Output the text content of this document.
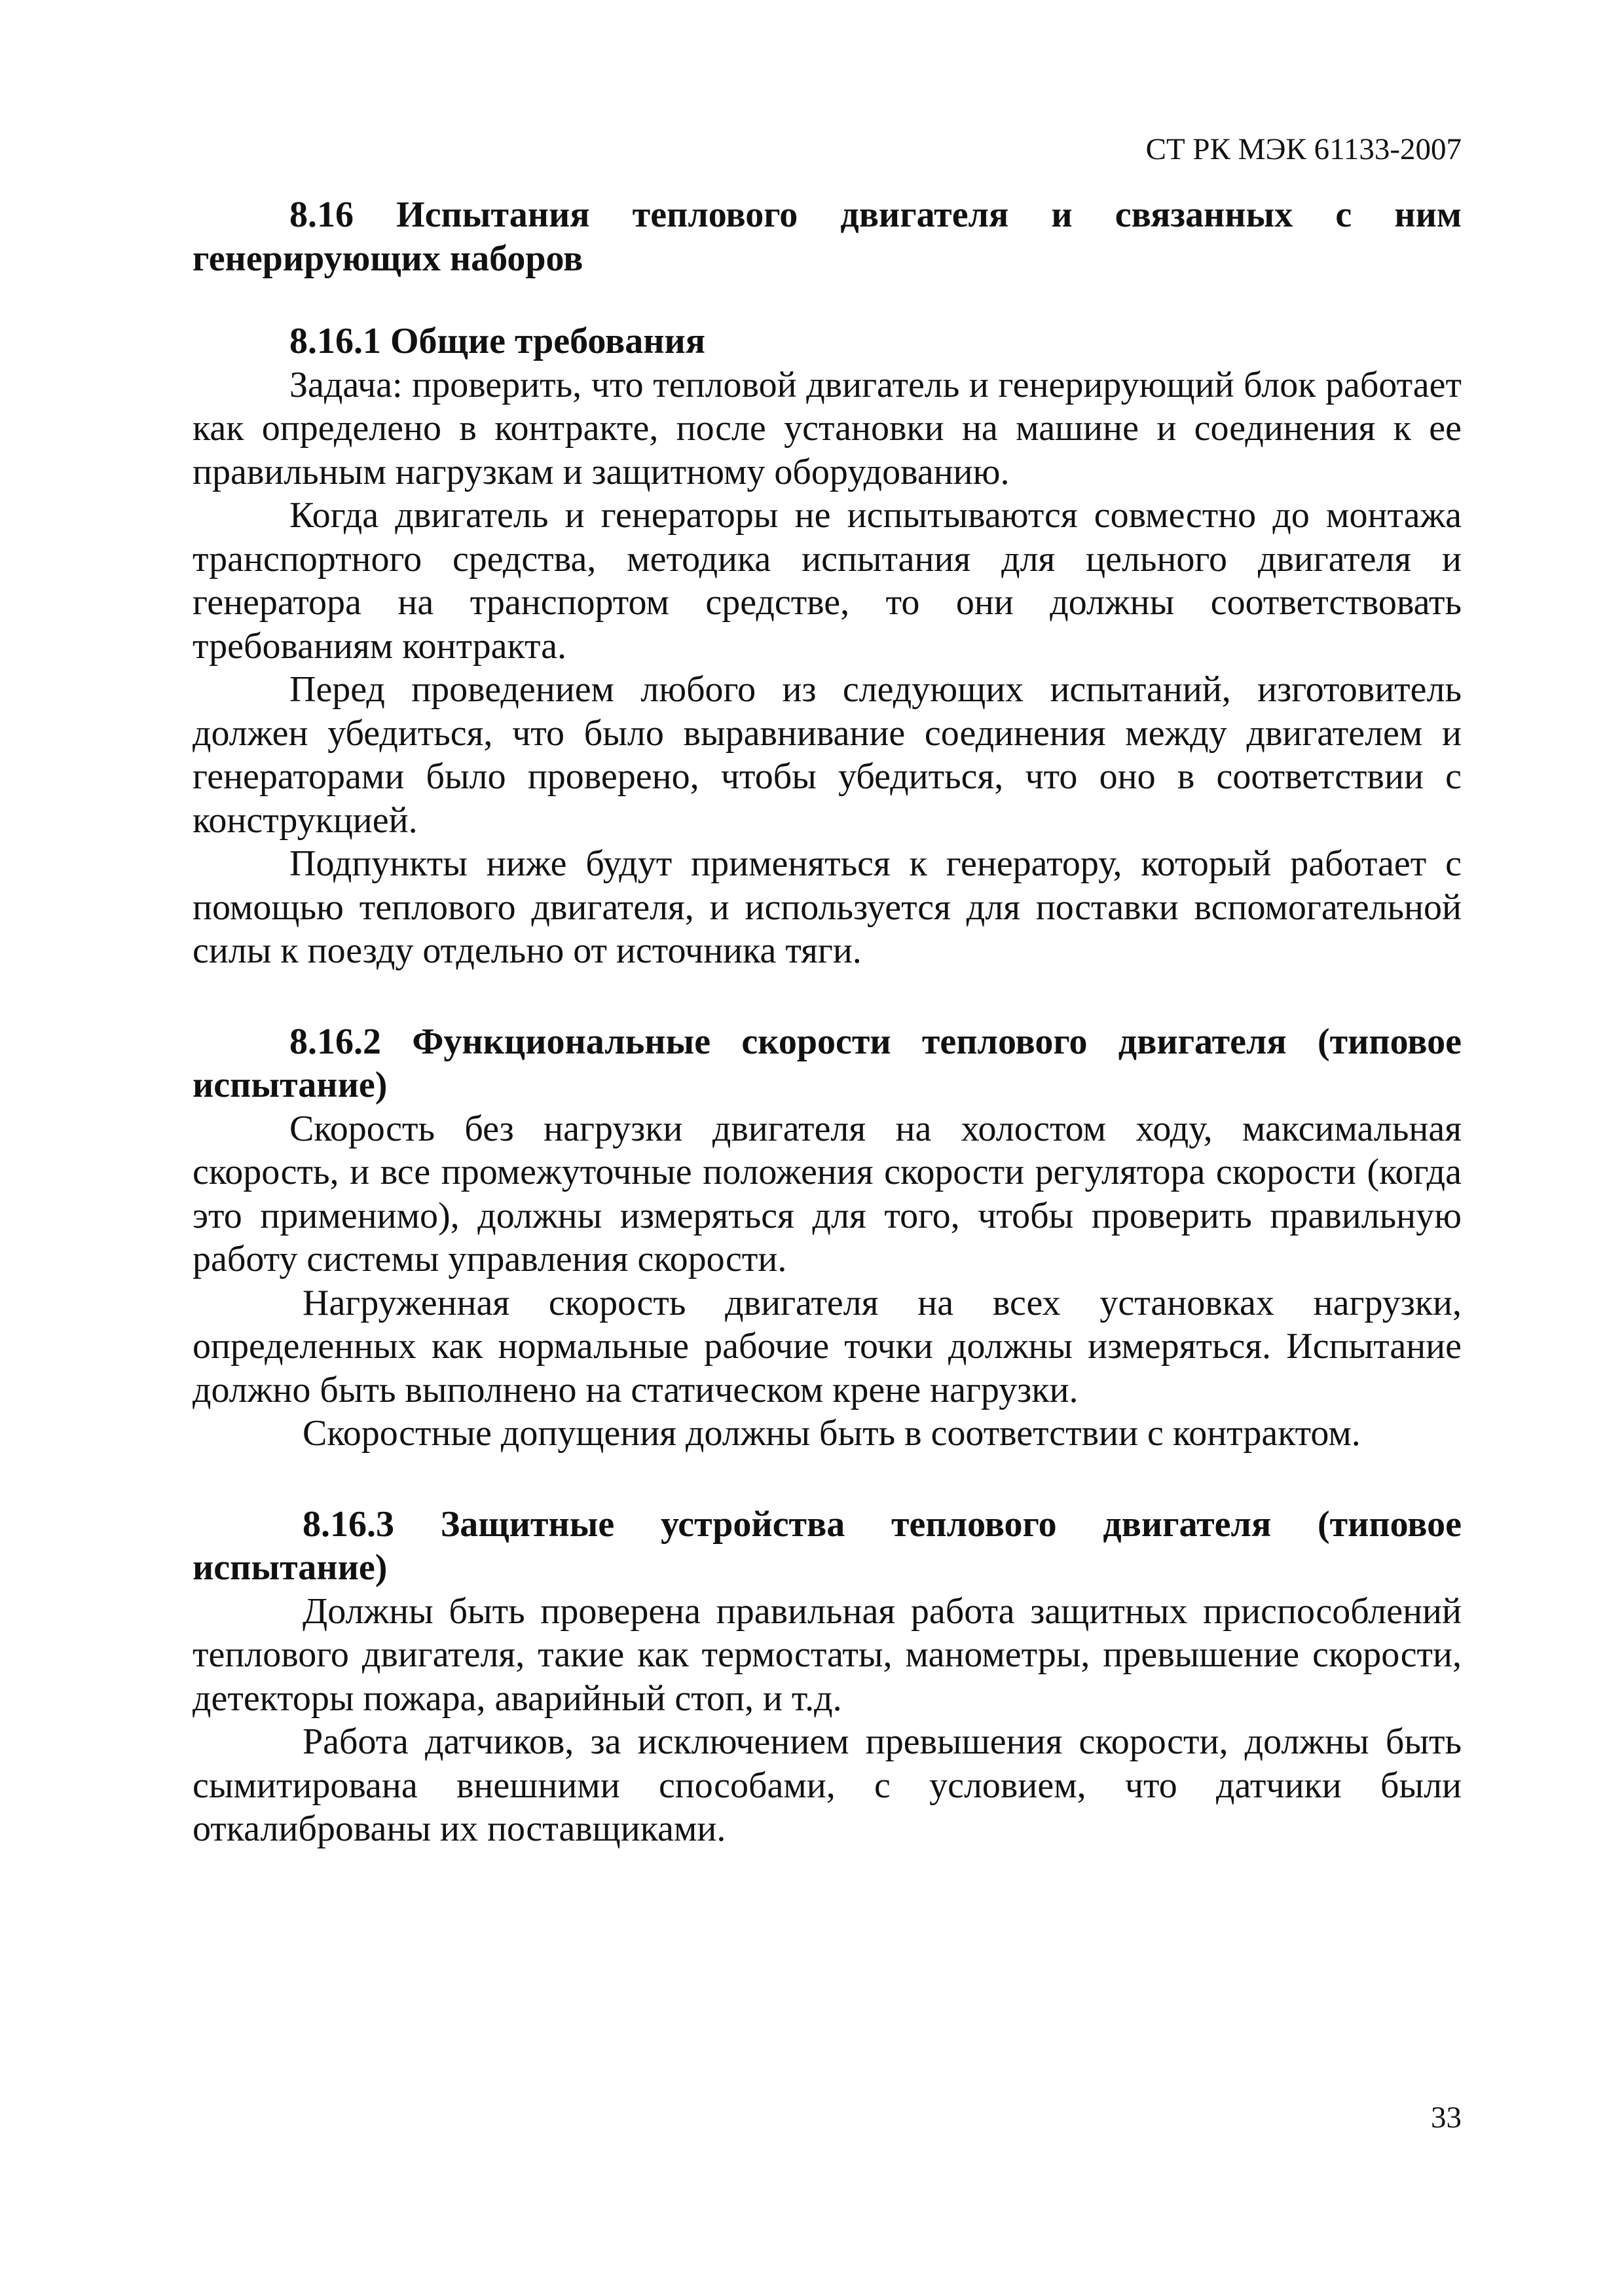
СТ РК МЭК 61133-2007

8.16 Испытания теплового двигателя и связанных с ним генерирующих наборов

8.16.1 Общие требования

Задача: проверить, что тепловой двигатель и генерирующий блок работает как определено в контракте, после установки на машине и соединения к ее правильным нагрузкам и защитному оборудованию.

Когда двигатель и генераторы не испытываются совместно до монтажа транспортного средства, методика испытания для цельного двигателя и генератора на транспортом средстве, то они должны соответствовать требованиям контракта.

Перед проведением любого из следующих испытаний, изготовитель должен убедиться, что было выравнивание соединения между двигателем и генераторами было проверено, чтобы убедиться, что оно в соответствии с конструкцией.

Подпункты ниже будут применяться к генератору, который работает с помощью теплового двигателя, и используется для поставки вспомогательной силы к поезду отдельно от источника тяги.

8.16.2 Функциональные скорости теплового двигателя (типовое испытание)

Скорость без нагрузки двигателя на холостом ходу, максимальная скорость, и все промежуточные положения скорости регулятора скорости (когда это применимо), должны измеряться для того, чтобы проверить правильную работу системы управления скорости.

Нагруженная скорость двигателя на всех установках нагрузки, определенных как нормальные рабочие точки должны измеряться. Испытание должно быть выполнено на статическом крене нагрузки.

Скоростные допущения должны быть в соответствии с контрактом.

8.16.3 Защитные устройства теплового двигателя (типовое испытание)

Должны быть проверена правильная работа защитных приспособлений теплового двигателя, такие как термостаты, манометры, превышение скорости, детекторы пожара, аварийный стоп, и т.д.

Работа датчиков, за исключением превышения скорости, должны быть сымитирована внешними способами, с условием, что датчики были откалиброваны их поставщиками.

33
